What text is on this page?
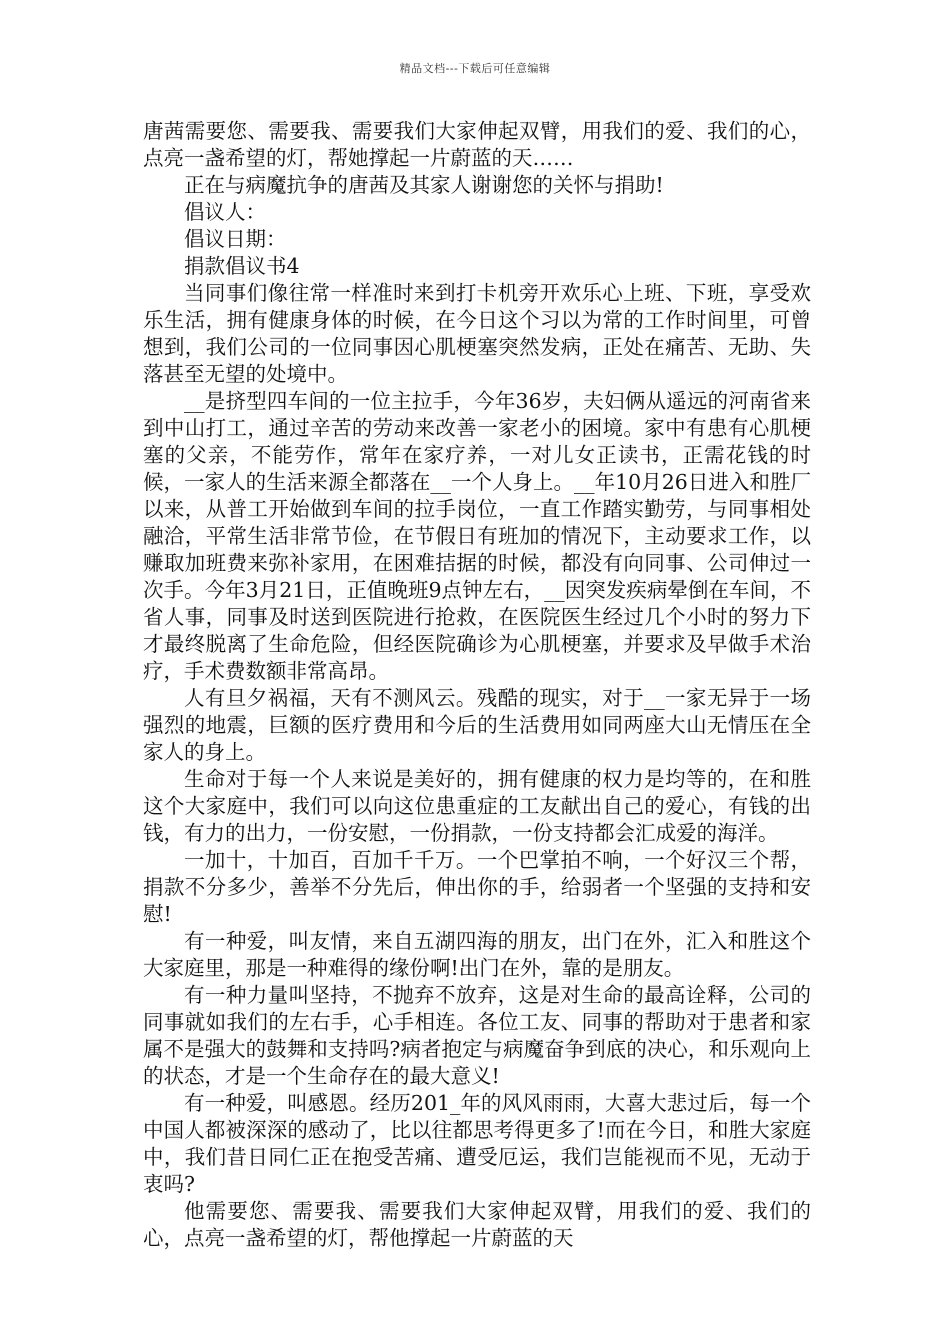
精品文档---下载后可任意编辑

唐茜需要您、需要我、需要我们大家伸起双臂，用我们的爱、我们的心，点亮一盏希望的灯，帮她撑起一片蔚蓝的天……

正在与病魔抗争的唐茜及其家人谢谢您的关怀与捐助!

倡议人：

倡议日期：

捐款倡议书4

当同事们像往常一样准时来到打卡机旁开欢乐心上班、下班，享受欢乐生活，拥有健康身体的时候，在今日这个习以为常的工作时间里，可曾想到，我们公司的一位同事因心肌梗塞突然发病，正处在痛苦、无助、失落甚至无望的处境中。

__是挤型四车间的一位主拉手，今年36岁，夫妇俩从遥远的河南省来到中山打工，通过辛苦的劳动来改善一家老小的困境。家中有患有心肌梗塞的父亲，不能劳作，常年在家疗养，一对儿女正读书，正需花钱的时候，一家人的生活来源全都落在__一个人身上。__年10月26日进入和胜厂以来，从普工开始做到车间的拉手岗位，一直工作踏实勤劳，与同事相处融洽，平常生活非常节俭，在节假日有班加的情况下，主动要求工作，以赚取加班费来弥补家用，在困难拮据的时候，都没有向同事、公司伸过一次手。今年3月21日，正值晚班9点钟左右，__因突发疾病晕倒在车间，不省人事，同事及时送到医院进行抢救，在医院医生经过几个小时的努力下才最终脱离了生命危险，但经医院确诊为心肌梗塞，并要求及早做手术治疗，手术费数额非常高昂。

人有旦夕祸福，天有不测风云。残酷的现实，对于__一家无异于一场强烈的地震，巨额的医疗费用和今后的生活费用如同两座大山无情压在全家人的身上。

生命对于每一个人来说是美好的，拥有健康的权力是均等的，在和胜这个大家庭中，我们可以向这位患重症的工友献出自己的爱心，有钱的出钱，有力的出力，一份安慰，一份捐款，一份支持都会汇成爱的海洋。

一加十，十加百，百加千千万。一个巴掌拍不响，一个好汉三个帮，捐款不分多少，善举不分先后，伸出你的手，给弱者一个坚强的支持和安慰!

有一种爱，叫友情，来自五湖四海的朋友，出门在外，汇入和胜这个大家庭里，那是一种难得的缘份啊!出门在外，靠的是朋友。

有一种力量叫坚持，不抛弃不放弃，这是对生命的最高诠释，公司的同事就如我们的左右手，心手相连。各位工友、同事的帮助对于患者和家属不是强大的鼓舞和支持吗?病者抱定与病魔奋争到底的决心，和乐观向上的状态，才是一个生命存在的最大意义!

有一种爱，叫感恩。经历201_年的风风雨雨，大喜大悲过后，每一个中国人都被深深的感动了，比以往都思考得更多了!而在今日，和胜大家庭中，我们昔日同仁正在抱受苦痛、遭受厄运，我们岂能视而不见，无动于衷吗?

他需要您、需要我、需要我们大家伸起双臂，用我们的爱、我们的心，点亮一盏希望的灯，帮他撑起一片蔚蓝的天
